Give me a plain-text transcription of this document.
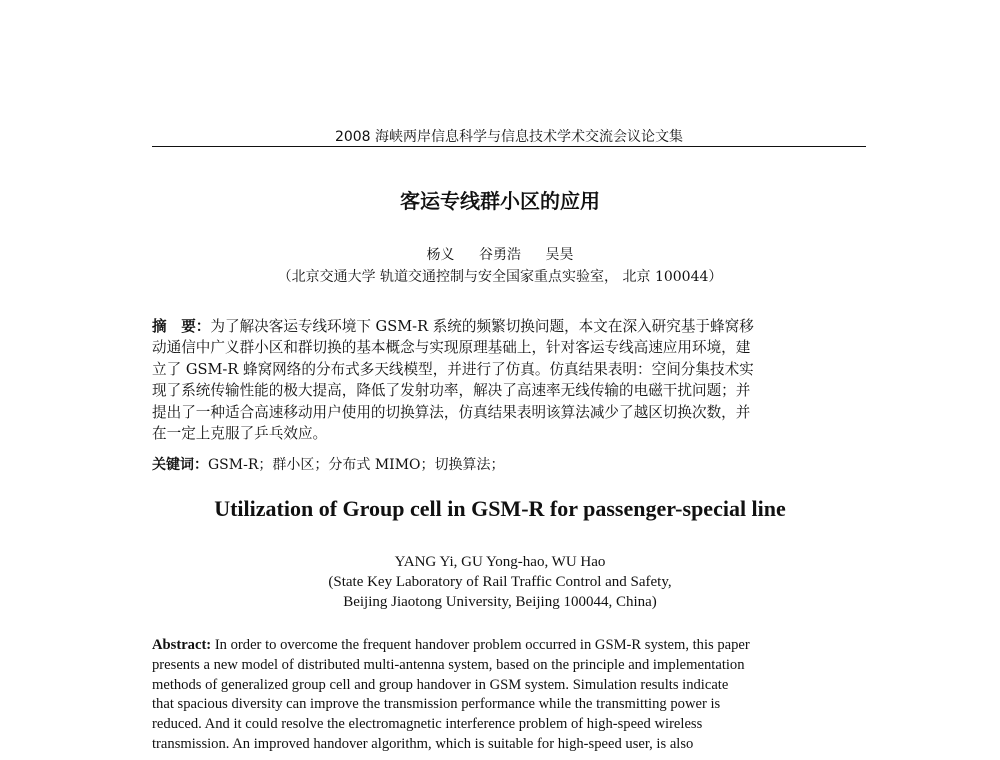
2008 海峡两岸信息科学与信息技术学术交流会议论文集
客运专线群小区的应用
杨义 谷勇浩 吴昊
（北京交通大学 轨道交通控制与安全国家重点实验室， 北京 100044）
摘　要：为了解决客运专线环境下 GSM-R 系统的频繁切换问题，本文在深入研究基于蜂窝移
动通信中广义群小区和群切换的基本概念与实现原理基础上，针对客运专线高速应用环境，建
立了 GSM-R 蜂窝网络的分布式多天线模型，并进行了仿真。仿真结果表明：空间分集技术实
现了系统传输性能的极大提高，降低了发射功率，解决了高速率无线传输的电磁干扰问题；并
提出了一种适合高速移动用户使用的切换算法，仿真结果表明该算法减少了越区切换次数，并
在一定上克服了乒乓效应。
关键词：GSM-R；群小区；分布式 MIMO；切换算法；
Utilization of Group cell in GSM-R for passenger-special line
YANG Yi, GU Yong-hao, WU Hao
(State Key Laboratory of Rail Traffic Control and Safety,
Beijing Jiaotong University, Beijing 100044, China)
Abstract: In order to overcome the frequent handover problem occurred in GSM-R system, this paper
presents a new model of distributed multi-antenna system, based on the principle and implementation
methods of generalized group cell and group handover in GSM system. Simulation results indicate
that spacious diversity can improve the transmission performance while the transmitting power is
reduced. And it could resolve the electromagnetic interference problem of high-speed wireless
transmission. An improved handover algorithm, which is suitable for high-speed user, is also
